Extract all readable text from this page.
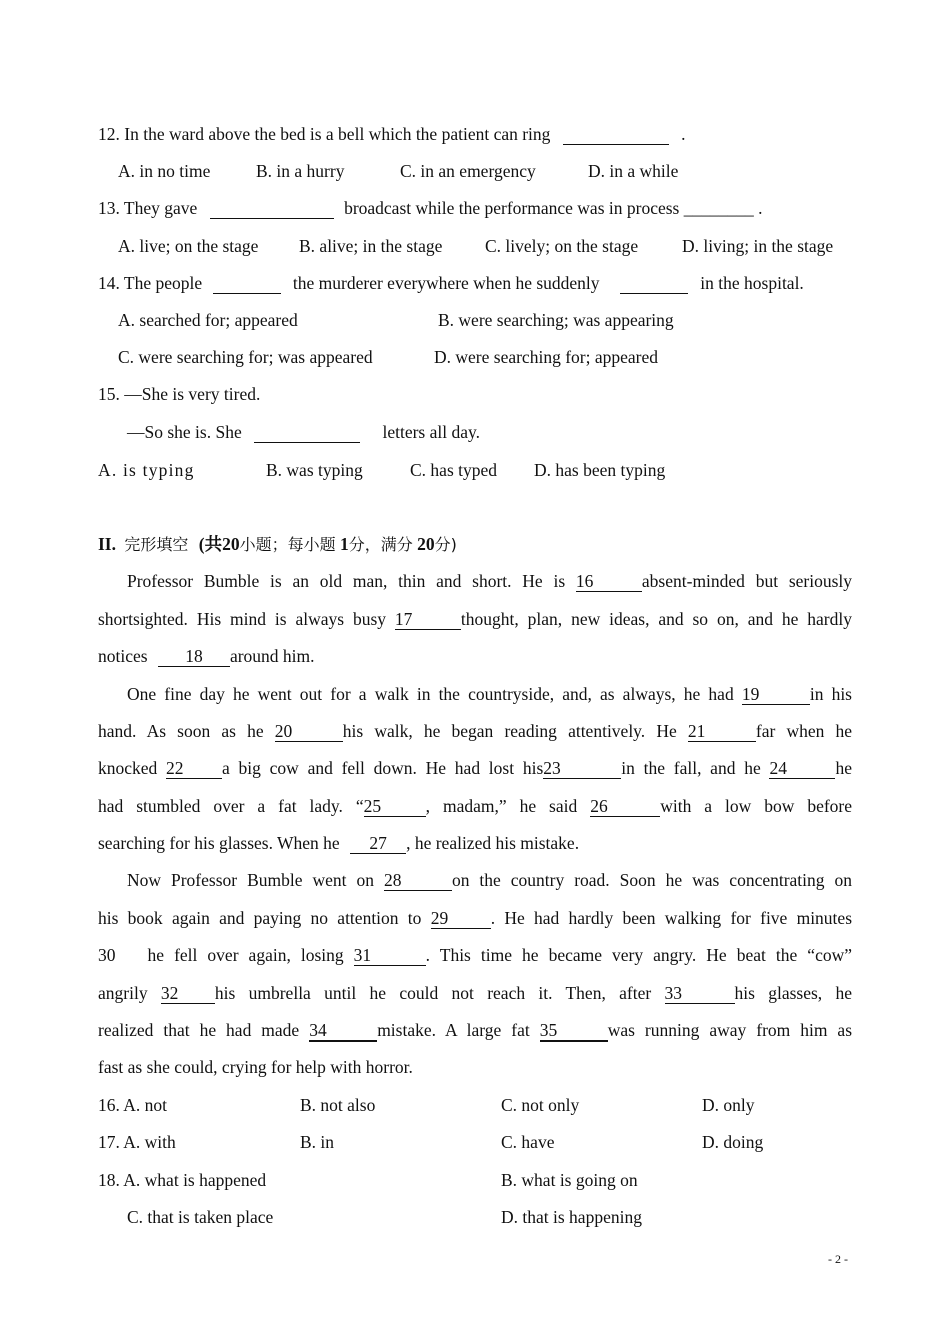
12. In the ward above the bed is a bell which the patient can ring	.
A. in no time	B. in a hurry	C. in an emergency	D. in a while
13. They gave	broadcast while the performance was in process ________ .
A. live; on the stage B. alive; in the stage C. lively; on the stage	D. living; in the stage
14. The people	the murderer everywhere when he suddenly	in the hospital.
A. searched for; appeared	B. were searching; was appearing
C. were searching for; was appeared	D. were searching for; appeared
15. —She is very tired.
—So she is. She	letters all day.
A. is typing	B. was typing	C. has typed D. has been typing
II. 完形填空 (共20小题；每小题 1分，满分 20分)
Professor Bumble is an old man, thin and short. He is 16	absent-minded but seriously
shortsighted. His mind is always busy 17	thought, plan, new ideas, and so on, and he hardly
notices 18 around him.
One fine day he went out for a walk in the countryside, and, as always, he had 19	in his
hand. As soon as he 20	his walk, he began reading attentively. He 21	far when he
knocked 22 a big cow and fell down. He had lost his23	in the fall, and he 24	he
had stumbled over a fat lady. “25	, madam,” he said 26	with a low bow before
searching for his glasses. When he 27 , he realized his mistake.
Now Professor Bumble went on 28	on the country road. Soon he was concentrating on
his book again and paying no attention to 29 . He had hardly been walking for five minutes
30 he fell over again, losing 31	. This time he became very angry. He beat the “cow”
angrily 32 his umbrella until he could not reach it. Then, after 33	his glasses, he
realized that he had made 34	mistake. A large fat 35	was running away from him as
fast as she could, crying for help with horror.
16. A. not	B. not also	C. not only	D. only
17. A. with	B. in	C. have	D. doing
18. A. what is happened	B. what is going on
C. that is taken place	D. that is happening
- 2 -
